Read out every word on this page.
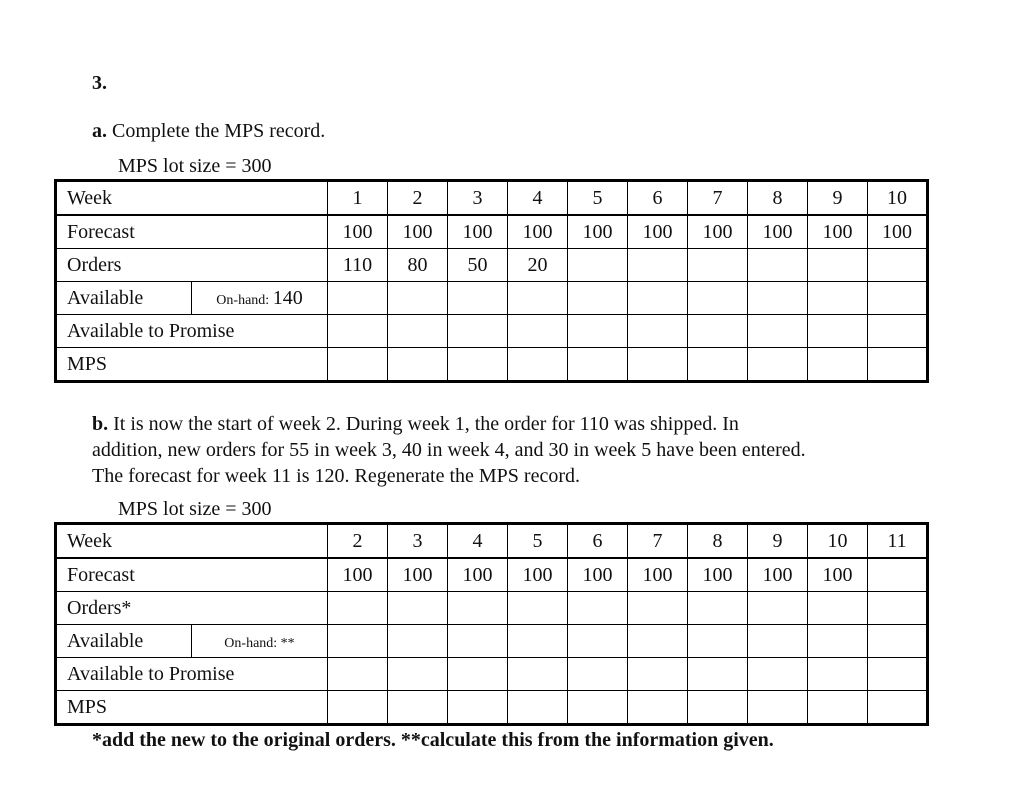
3.
a. Complete the MPS record.
MPS lot size = 300
Week		1	2	3	4	5	6	7	8	9	10
Forecast		100	100	100	100	100	100	100	100	100	100
Orders		110	80	50	20						
Available	On-hand: 140										
Available to Promise											
MPS											
b. It is now the start of week 2. During week 1, the order for 110 was shipped. In
addition, new orders for 55 in week 3, 40 in week 4, and 30 in week 5 have been entered.
The forecast for week 11 is 120. Regenerate the MPS record.
MPS lot size = 300
Week		2	3	4	5	6	7	8	9	10	11
Forecast		100	100	100	100	100	100	100	100	100	
Orders*											
Available	On-hand: **										
Available to Promise											
MPS											
*add the new to the original orders. **calculate this from the information given.
